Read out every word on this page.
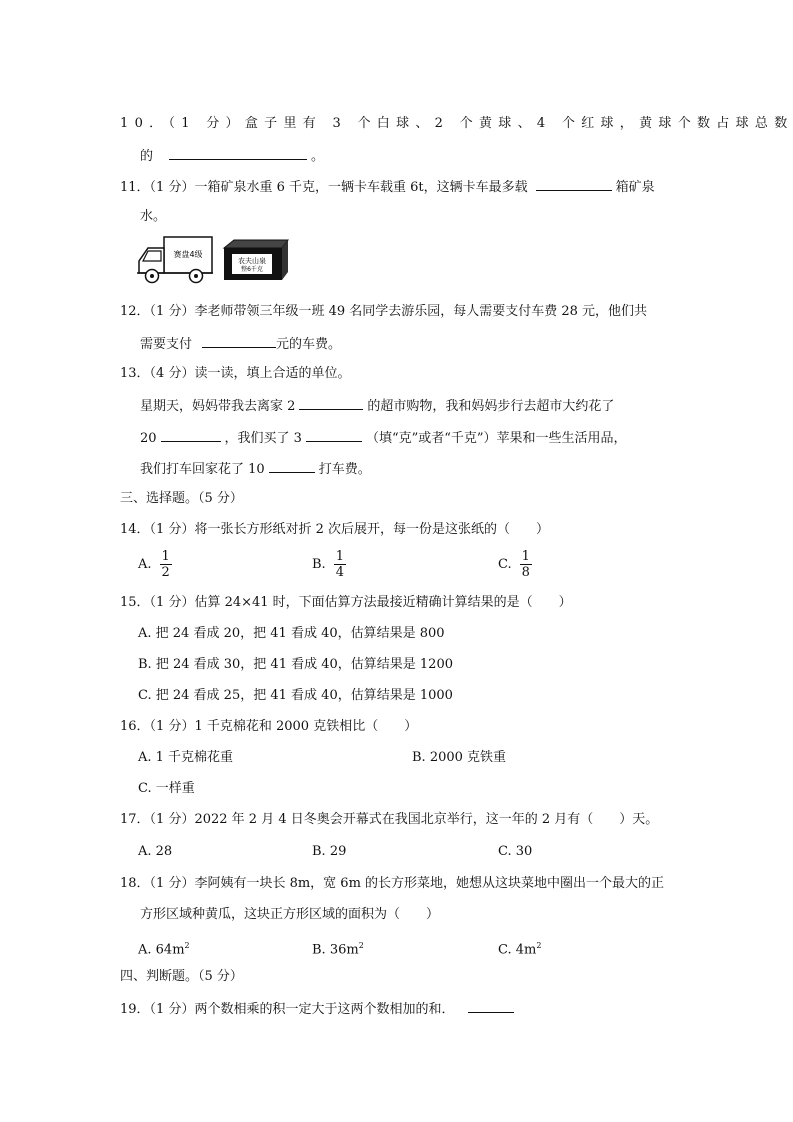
10．（1 分）盒子里有 3 个白球、2 个黄球、4 个红球，黄球个数占球总数
的	。
11．（1 分）一箱矿泉水重 6 千克，一辆卡车载重 6t，这辆卡车最多载	箱矿泉
水。
赛盘4级
农夫山泉
整6千克
12．（1 分）李老师带领三年级一班 49 名同学去游乐园，每人需要支付车费 28 元，他们共
需要支付	元的车费。
13．（4 分）读一读，填上合适的单位。
星期天，妈妈带我去离家 2	的超市购物，我和妈妈步行去超市大约花了
20	，我们买了 3	（填“克”或者“千克”）苹果和一些生活用品，
我们打车回家花了 10	打车费。
三、选择题。（5 分）
14．（1 分）将一张长方形纸对折 2 次后展开，每一份是这张纸的（　　）
A. $\frac{1}{2}$	B. $\frac{1}{4}$	C. $\frac{1}{8}$
15．（1 分）估算 24×41 时，下面估算方法最接近精确计算结果的是（　　）
A. 把 24 看成 20，把 41 看成 40，估算结果是 800
B. 把 24 看成 30，把 41 看成 40，估算结果是 1200
C. 把 24 看成 25，把 41 看成 40，估算结果是 1000
16．（1 分）1 千克棉花和 2000 克铁相比（　　）
A. 1 千克棉花重	B. 2000 克铁重
C. 一样重
17．（1 分）2022 年 2 月 4 日冬奥会开幕式在我国北京举行，这一年的 2 月有（　　）天。
A. 28	B. 29	C. 30
18．（1 分）李阿姨有一块长 8m，宽 6m 的长方形菜地，她想从这块菜地中圈出一个最大的正
方形区域种黄瓜，这块正方形区域的面积为（　　）
A. $64m^2$	B. $36m^2$	C. $4m^2$
四、判断题。（5 分）
19．（1 分）两个数相乘的积一定大于这两个数相加的和．
